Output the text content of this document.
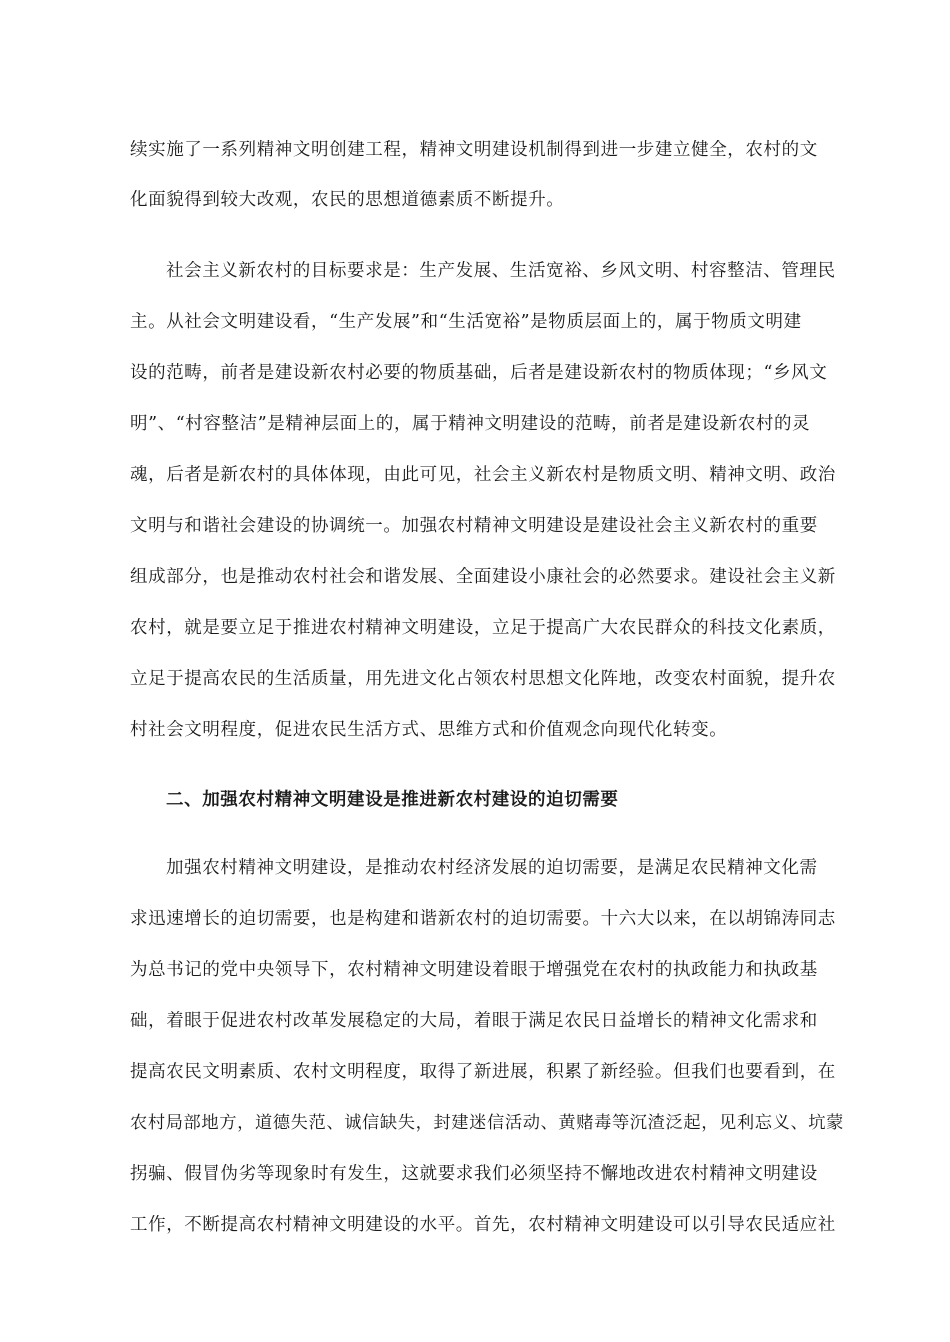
续实施了一系列精神文明创建工程，精神文明建设机制得到进一步建立健全，农村的文
化面貌得到较大改观，农民的思想道德素质不断提升。
社会主义新农村的目标要求是：生产发展、生活宽裕、乡风文明、村容整洁、管理民
主。从社会文明建设看，“生产发展”和“生活宽裕”是物质层面上的，属于物质文明建
设的范畴，前者是建设新农村必要的物质基础，后者是建设新农村的物质体现；“乡风文
明”、“村容整洁”是精神层面上的，属于精神文明建设的范畴，前者是建设新农村的灵
魂，后者是新农村的具体体现，由此可见，社会主义新农村是物质文明、精神文明、政治
文明与和谐社会建设的协调统一。加强农村精神文明建设是建设社会主义新农村的重要
组成部分，也是推动农村社会和谐发展、全面建设小康社会的必然要求。建设社会主义新
农村，就是要立足于推进农村精神文明建设，立足于提高广大农民群众的科技文化素质，
立足于提高农民的生活质量，用先进文化占领农村思想文化阵地，改变农村面貌，提升农
村社会文明程度，促进农民生活方式、思维方式和价值观念向现代化转变。
二、加强农村精神文明建设是推进新农村建设的迫切需要
加强农村精神文明建设，是推动农村经济发展的迫切需要，是满足农民精神文化需
求迅速增长的迫切需要，也是构建和谐新农村的迫切需要。十六大以来，在以胡锦涛同志
为总书记的党中央领导下，农村精神文明建设着眼于增强党在农村的执政能力和执政基
础，着眼于促进农村改革发展稳定的大局，着眼于满足农民日益增长的精神文化需求和
提高农民文明素质、农村文明程度，取得了新进展，积累了新经验。但我们也要看到，在
农村局部地方，道德失范、诚信缺失，封建迷信活动、黄赌毒等沉渣泛起，见利忘义、坑蒙
拐骗、假冒伪劣等现象时有发生，这就要求我们必须坚持不懈地改进农村精神文明建设
工作，不断提高农村精神文明建设的水平。首先，农村精神文明建设可以引导农民适应社
